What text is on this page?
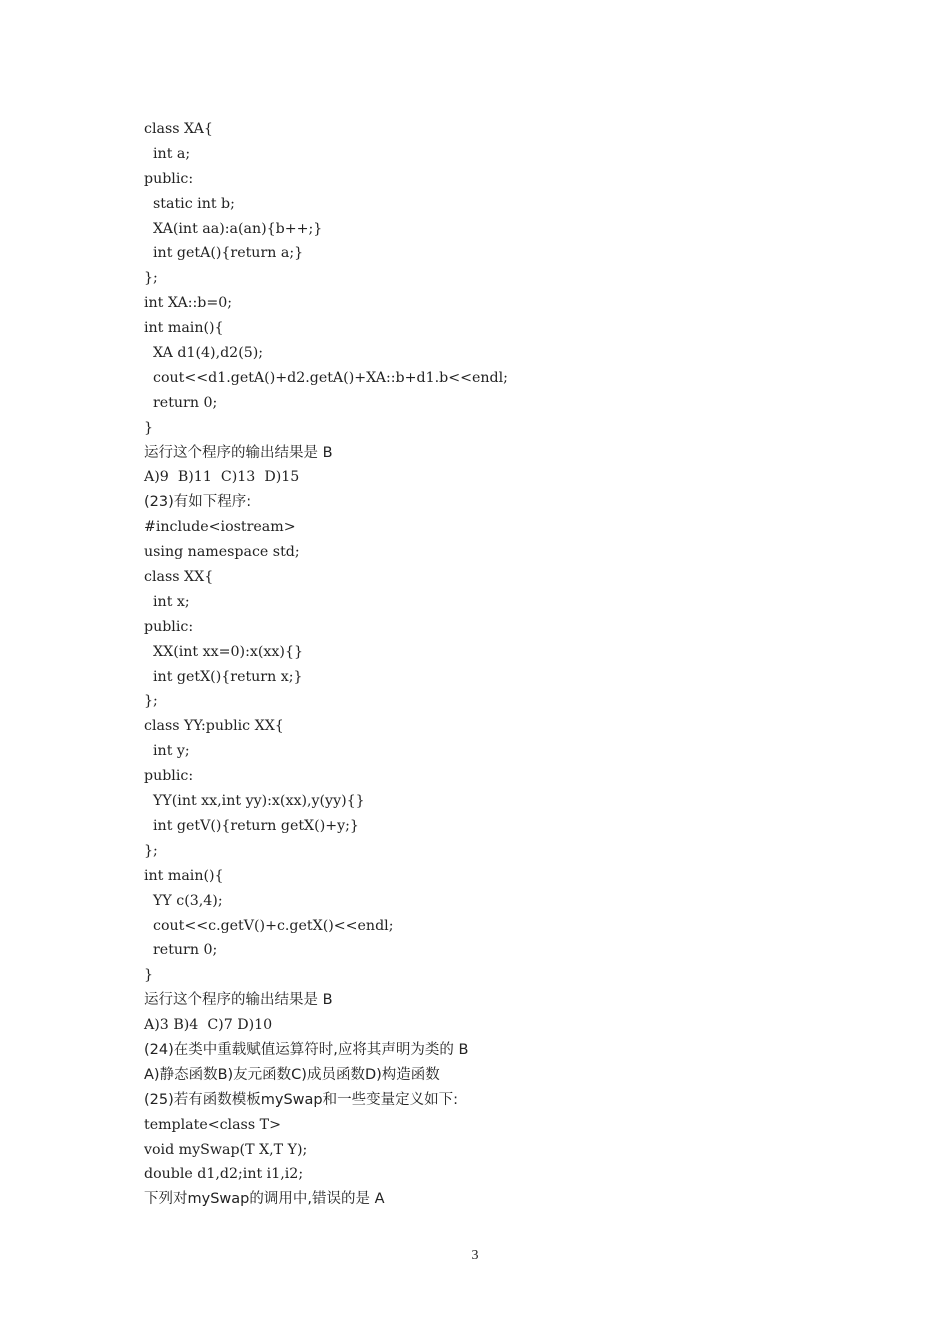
class XA{
int a;
public:
static int b;
XA(int aa):a(an){b++;}
int getA(){return a;}
};
int XA::b=0;
int main(){
XA d1(4),d2(5);
cout<<d1.getA()+d2.getA()+XA::b+d1.b<<endl;
return 0;
}
运行这个程序的输出结果是 B
A)9  B)11  C)13  D)15
(23)有如下程序:
#include<iostream>
using namespace std;
class XX{
int x;
public:
XX(int xx=0):x(xx){}
int getX(){return x;}
};
class YY:public XX{
int y;
public:
YY(int xx,int yy):x(xx),y(yy){}
int getV(){return getX()+y;}
};
int main(){
YY c(3,4);
cout<<c.getV()+c.getX()<<endl;
return 0;
}
运行这个程序的输出结果是 B
A)3 B)4  C)7 D)10
(24)在类中重载赋值运算符时,应将其声明为类的 B
A)静态函数B)友元函数C)成员函数D)构造函数
(25)若有函数模板mySwap和一些变量定义如下:
template<class T>
void mySwap(T X,T Y);
double d1,d2;int i1,i2;
下列对mySwap的调用中,错误的是 A
3
